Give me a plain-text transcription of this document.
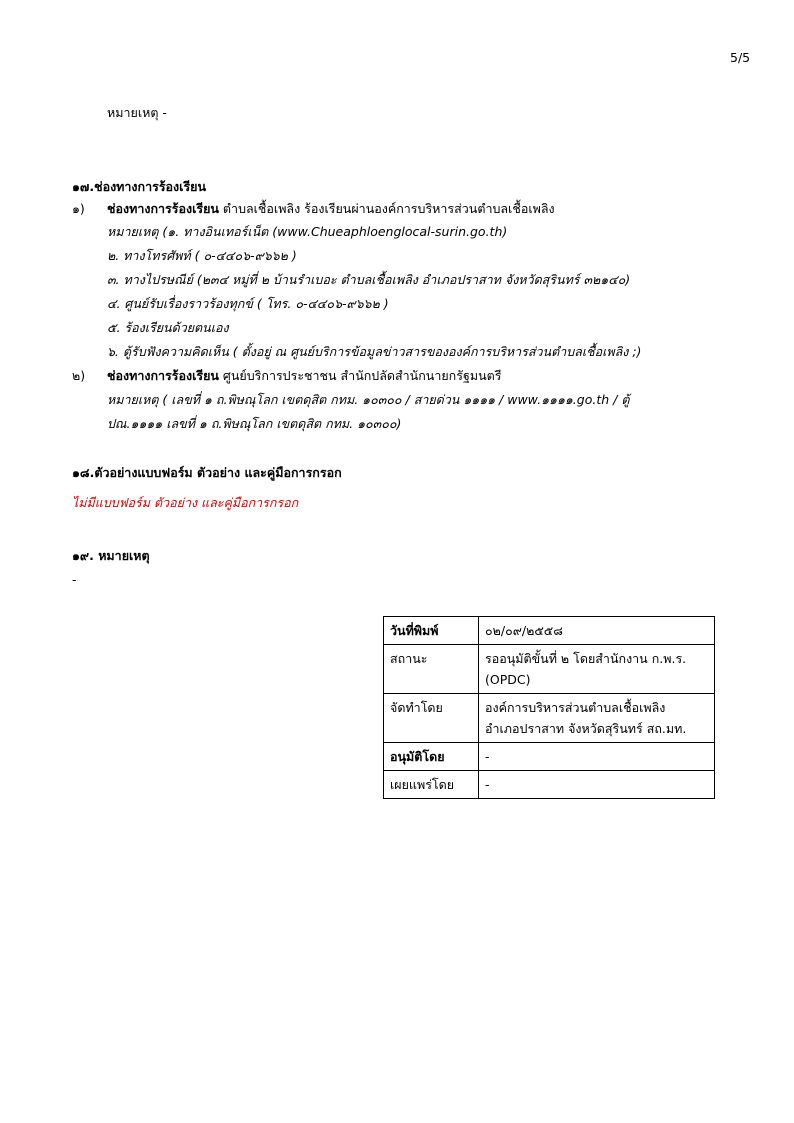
5/5
หมายเหตุ -
๑๗.ช่องทางการร้องเรียน
๑) ช่องทางการร้องเรียน ตำบลเชื้อเพลิง ร้องเรียนผ่านองค์การบริหารส่วนตำบลเชื้อเพลิง
หมายเหตุ (๑. ทางอินเทอร์เน็ต (www.Chueaphloenglocal-surin.go.th)
๒. ทางโทรศัพท์ ( ๐-๔๔๐๖-๙๖๖๒ )
๓. ทางไปรษณีย์ (๒๓๔ หมู่ที่ ๒ บ้านรำเบอะ ตำบลเชื้อเพลิง อำเภอปราสาท จังหวัดสุรินทร์ ๓๒๑๔๐)
๔. ศูนย์รับเรื่องราวร้องทุกข์ ( โทร. ๐-๔๔๐๖-๙๖๖๒ )
๕. ร้องเรียนด้วยตนเอง
๖. ตู้รับฟังความคิดเห็น ( ตั้งอยู่ ณ ศูนย์บริการข้อมูลข่าวสารขององค์การบริหารส่วนตำบลเชื้อเพลิง ;)
๒) ช่องทางการร้องเรียน ศูนย์บริการประชาชน สำนักปลัดสำนักนายกรัฐมนตรี
หมายเหตุ ( เลขที่ ๑ ถ.พิษณุโลก เขตดุสิต กทม. ๑๐๓๐๐ / สายด่วน ๑๑๑๑ / www.๑๑๑๑.go.th / ตู้
ปณ.๑๑๑๑ เลขที่ ๑ ถ.พิษณุโลก เขตดุสิต กทม. ๑๐๓๐๐)
๑๘.ตัวอย่างแบบฟอร์ม ตัวอย่าง และคู่มือการกรอก
ไม่มีแบบฟอร์ม ตัวอย่าง และคู่มือการกรอก
๑๙. หมายเหตุ
-
วันที่พิมพ์	๐๒/๐๙/๒๕๕๘
สถานะ	รออนุมัติขั้นที่ ๒ โดยสำนักงาน ก.พ.ร.
(OPDC)

จัดทำโดย	องค์การบริหารส่วนตำบลเชื้อเพลิง
อำเภอปราสาท จังหวัดสุรินทร์ สถ.มท.

อนุมัติโดย	-
เผยแพร่โดย	-
